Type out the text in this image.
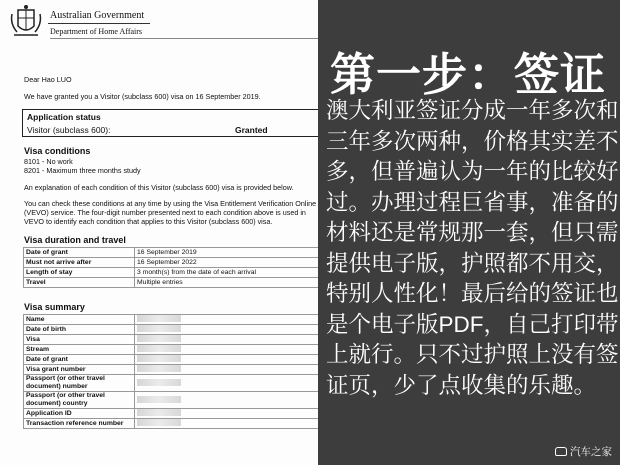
Australian Government
Department of Home Affairs
Dear Hao LUO
We have granted you a Visitor (subclass 600) visa on 16 September 2019.
Application status
Visitor (subclass 600):	Granted
Visa conditions
8101 - No work
8201 - Maximum three months study
An explanation of each condition of this Visitor (subclass 600) visa is provided below.
You can check these conditions at any time by using the Visa Entitlement Verification Online
(VEVO) service. The four-digit number presented next to each condition above is used in
VEVO to identify each condition that applies to this Visitor (subclass 600) visa.
Visa duration and travel
Date of grant	16 September 2019
Must not arrive after	16 September 2022
Length of stay	3 month(s) from the date of each arrival
Travel	Multiple entries
Visa summary
Name	
Date of birth	
Visa	
Stream	
Date of grant	
Visa grant number	
Passport (or other travel document) number	
Passport (or other travel document) country	
Application ID	
Transaction reference number	
第一步：签证
澳大利亚签证分成一年多次和三年多次两种，价格其实差不多，但普遍认为一年的比较好过。办理过程巨省事，准备的材料还是常规那一套，但只需提供电子版，护照都不用交，特别人性化！最后给的签证也是个电子版PDF，自己打印带上就行。只不过护照上没有签证页，少了点收集的乐趣。
汽车之家
